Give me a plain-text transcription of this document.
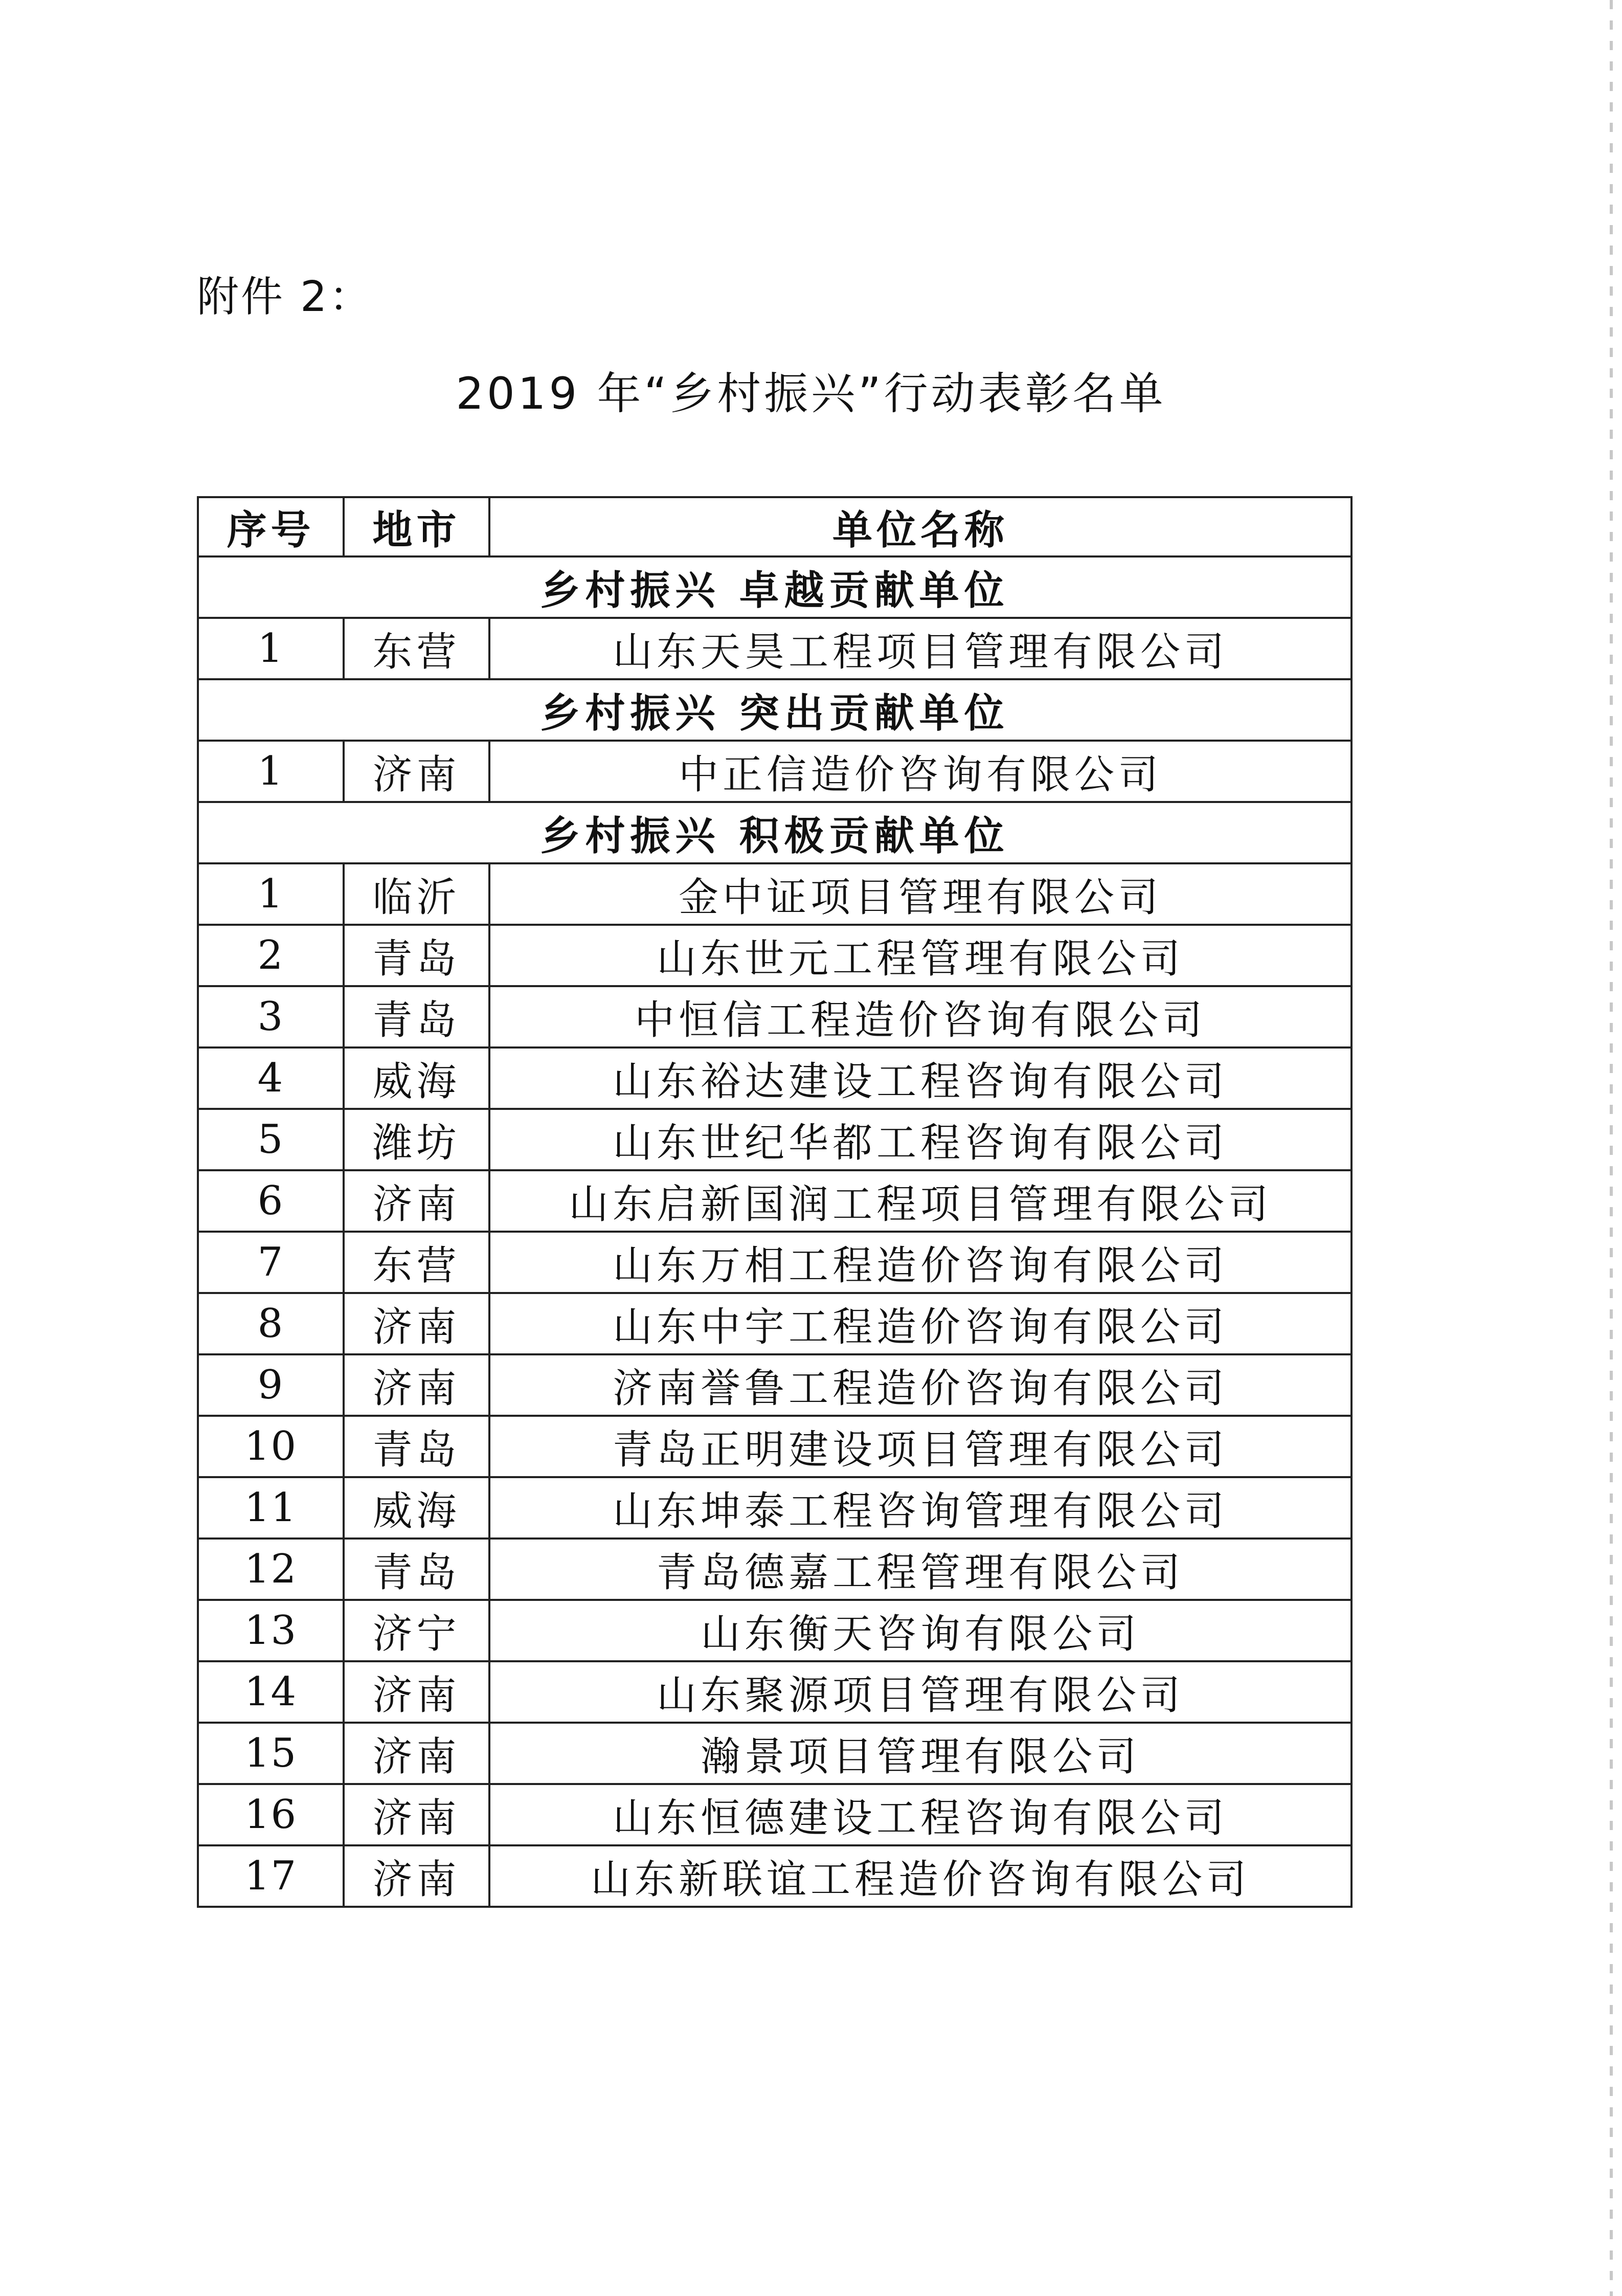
附件 2：
2019 年“乡村振兴”行动表彰名单
序号	地市	单位名称
乡村振兴 卓越贡献单位		
1	东营	山东天昊工程项目管理有限公司
乡村振兴 突出贡献单位		
1	济南	中正信造价咨询有限公司
乡村振兴 积极贡献单位		
1	临沂	金中证项目管理有限公司
2	青岛	山东世元工程管理有限公司
3	青岛	中恒信工程造价咨询有限公司
4	威海	山东裕达建设工程咨询有限公司
5	潍坊	山东世纪华都工程咨询有限公司
6	济南	山东启新国润工程项目管理有限公司
7	东营	山东万相工程造价咨询有限公司
8	济南	山东中宇工程造价咨询有限公司
9	济南	济南誉鲁工程造价咨询有限公司
10	青岛	青岛正明建设项目管理有限公司
11	威海	山东坤泰工程咨询管理有限公司
12	青岛	青岛德嘉工程管理有限公司
13	济宁	山东衡天咨询有限公司
14	济南	山东聚源项目管理有限公司
15	济南	瀚景项目管理有限公司
16	济南	山东恒德建设工程咨询有限公司
17	济南	山东新联谊工程造价咨询有限公司
